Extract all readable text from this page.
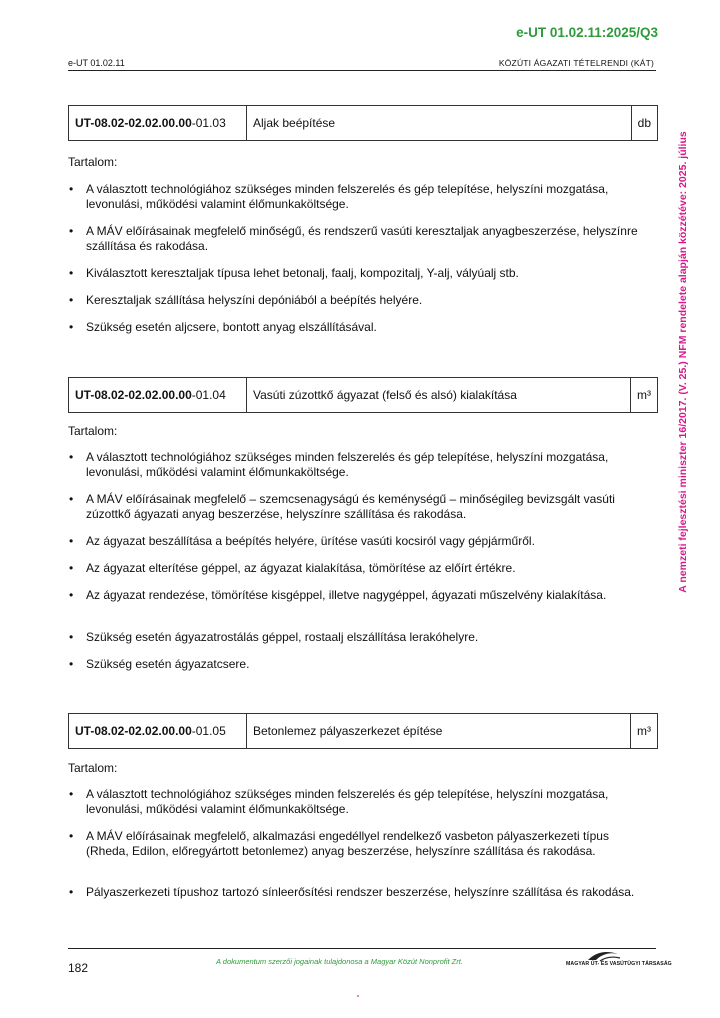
e-UT 01.02.11:2025/Q3
e-UT 01.02.11	KÖZÚTI ÁGAZATI TÉTELRENDI (KÁT)
A nemzeti fejlesztési miniszter 16/2017. (V. 25.) NFM rendelete alapján közzétéve: 2025. július
UT-08.02-02.02.00.00-01.03	Aljak beépítése	db
Tartalom:
• A választott technológiához szükséges minden felszerelés és gép telepítése, helyszíni mozgatása, levonulási, működési valamint élőmunkaköltsége.
• A MÁV előírásainak megfelelő minőségű, és rendszerű vasúti keresztaljak anyagbeszerzése, helyszínre szállítása és rakodása.
• Kiválasztott keresztaljak típusa lehet betonalj, faalj, kompozitalj, Y-alj, vályúalj stb.
• Keresztaljak szállítása helyszíni depóniából a beépítés helyére.
• Szükség esetén aljcsere, bontott anyag elszállításával.
UT-08.02-02.02.00.00-01.04	Vasúti zúzottkő ágyazat (felső és alsó) kialakítása	m³
Tartalom:
• A választott technológiához szükséges minden felszerelés és gép telepítése, helyszíni mozgatása, levonulási, működési valamint élőmunkaköltsége.
• A MÁV előírásainak megfelelő – szemcsenagyságú és keménységű – minőségileg bevizsgált vasúti zúzottkő ágyazati anyag beszerzése, helyszínre szállítása és rakodása.
• Az ágyazat beszállítása a beépítés helyére, ürítése vasúti kocsiról vagy gépjárműről.
• Az ágyazat elterítése géppel, az ágyazat kialakítása, tömörítése az előírt értékre.
• Az ágyazat rendezése, tömörítése kisgéppel, illetve nagygéppel, ágyazati műszelvény kialakítása.
• Szükség esetén ágyazatrostálás géppel, rostaalj elszállítása lerakóhelyre.
• Szükség esetén ágyazatcsere.
UT-08.02-02.02.00.00-01.05	Betonlemez pályaszerkezet építése	m³
Tartalom:
• A választott technológiához szükséges minden felszerelés és gép telepítése, helyszíni mozgatása, levonulási, működési valamint élőmunkaköltsége.
• A MÁV előírásainak megfelelő, alkalmazási engedéllyel rendelkező vasbeton pályaszerkezeti típus (Rheda, Edilon, előregyártott betonlemez) anyag beszerzése, helyszínre szállítása és rakodása.
• Pályaszerkezeti típushoz tartozó sínleerősítési rendszer beszerzése, helyszínre szállítása és rakodása.
182	A dokumentum szerzői jogainak tulajdonosa a Magyar Közút Nonprofit Zrt.	MAGYAR ÚT- ÉS VASÚTÜGYI TÁRSASÁG
